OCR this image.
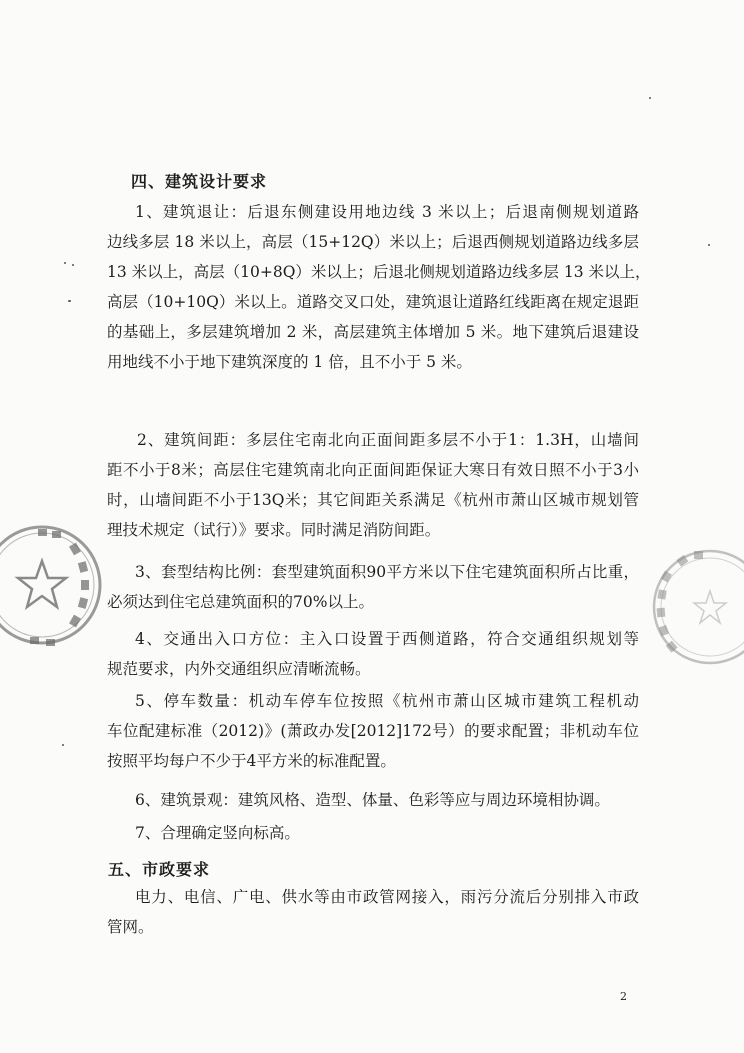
四、建筑设计要求
1、建筑退让：后退东侧建设用地边线 3 米以上；后退南侧规划道路
边线多层 18 米以上，高层（15+12Q）米以上；后退西侧规划道路边线多层
13 米以上，高层（10+8Q）米以上；后退北侧规划道路边线多层 13 米以上，
高层（10+10Q）米以上。道路交叉口处，建筑退让道路红线距离在规定退距
的基础上，多层建筑增加 2 米，高层建筑主体增加 5 米。地下建筑后退建设
用地线不小于地下建筑深度的 1 倍，且不小于 5 米。
2、建筑间距：多层住宅南北向正面间距多层不小于1：1.3H，山墙间
距不小于8米；高层住宅建筑南北向正面间距保证大寒日有效日照不小于3小
时，山墙间距不小于13Q米；其它间距关系满足《杭州市萧山区城市规划管
理技术规定（试行）》要求。同时满足消防间距。
3、套型结构比例：套型建筑面积90平方米以下住宅建筑面积所占比重，
必须达到住宅总建筑面积的70%以上。
4、交通出入口方位：主入口设置于西侧道路，符合交通组织规划等
规范要求，内外交通组织应清晰流畅。
5、停车数量：机动车停车位按照《杭州市萧山区城市建筑工程机动
车位配建标准（2012)》(萧政办发[2012]172号）的要求配置；非机动车位
按照平均每户不少于4平方米的标准配置。
6、建筑景观：建筑风格、造型、体量、色彩等应与周边环境相协调。
7、合理确定竖向标高。
五、市政要求
电力、电信、广电、供水等由市政管网接入，雨污分流后分别排入市政
管网。
2
